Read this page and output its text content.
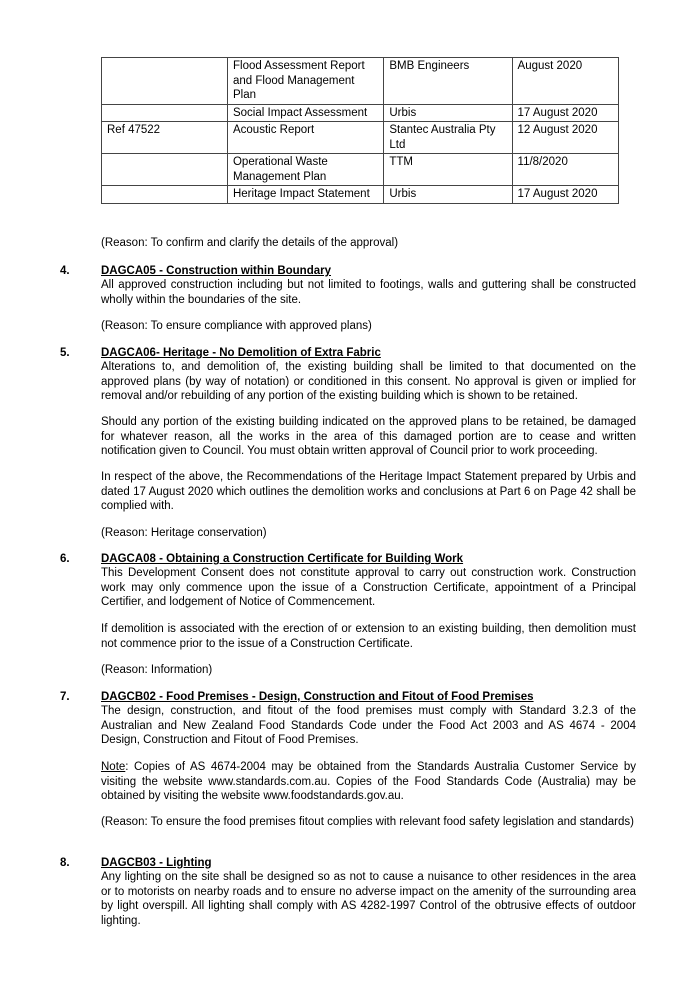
	Flood Assessment Report and Flood Management Plan	BMB Engineers	August 2020
	Social Impact Assessment	Urbis	17 August 2020
Ref 47522	Acoustic Report	Stantec Australia Pty Ltd	12 August 2020
	Operational Waste Management Plan	TTM	11/8/2020
	Heritage Impact Statement	Urbis	17 August 2020

(Reason: To confirm and clarify the details of the approval)

4.	DAGCA05 - Construction within Boundary

All approved construction including but not limited to footings, walls and guttering shall be constructed wholly within the boundaries of the site.

(Reason: To ensure compliance with approved plans)

5.	DAGCA06- Heritage - No Demolition of Extra Fabric

Alterations to, and demolition of, the existing building shall be limited to that documented on the approved plans (by way of notation) or conditioned in this consent. No approval is given or implied for removal and/or rebuilding of any portion of the existing building which is shown to be retained.

Should any portion of the existing building indicated on the approved plans to be retained, be damaged for whatever reason, all the works in the area of this damaged portion are to cease and written notification given to Council. You must obtain written approval of Council prior to work proceeding.

In respect of the above, the Recommendations of the Heritage Impact Statement prepared by Urbis and dated 17 August 2020 which outlines the demolition works and conclusions at Part 6 on Page 42 shall be complied with.

(Reason: Heritage conservation)

6.	DAGCA08 - Obtaining a Construction Certificate for Building Work

This Development Consent does not constitute approval to carry out construction work. Construction work may only commence upon the issue of a Construction Certificate, appointment of a Principal Certifier, and lodgement of Notice of Commencement.

If demolition is associated with the erection of or extension to an existing building, then demolition must not commence prior to the issue of a Construction Certificate.

(Reason: Information)

7.	DAGCB02 - Food Premises - Design, Construction and Fitout of Food Premises

The design, construction, and fitout of the food premises must comply with Standard 3.2.3 of the Australian and New Zealand Food Standards Code under the Food Act 2003 and AS 4674 - 2004 Design, Construction and Fitout of Food Premises.

Note: Copies of AS 4674-2004 may be obtained from the Standards Australia Customer Service by visiting the website www.standards.com.au. Copies of the Food Standards Code (Australia) may be obtained by visiting the website www.foodstandards.gov.au.

(Reason: To ensure the food premises fitout complies with relevant food safety legislation and standards)

8.	DAGCB03 - Lighting

Any lighting on the site shall be designed so as not to cause a nuisance to other residences in the area or to motorists on nearby roads and to ensure no adverse impact on the amenity of the surrounding area by light overspill. All lighting shall comply with AS 4282-1997 Control of the obtrusive effects of outdoor lighting.
